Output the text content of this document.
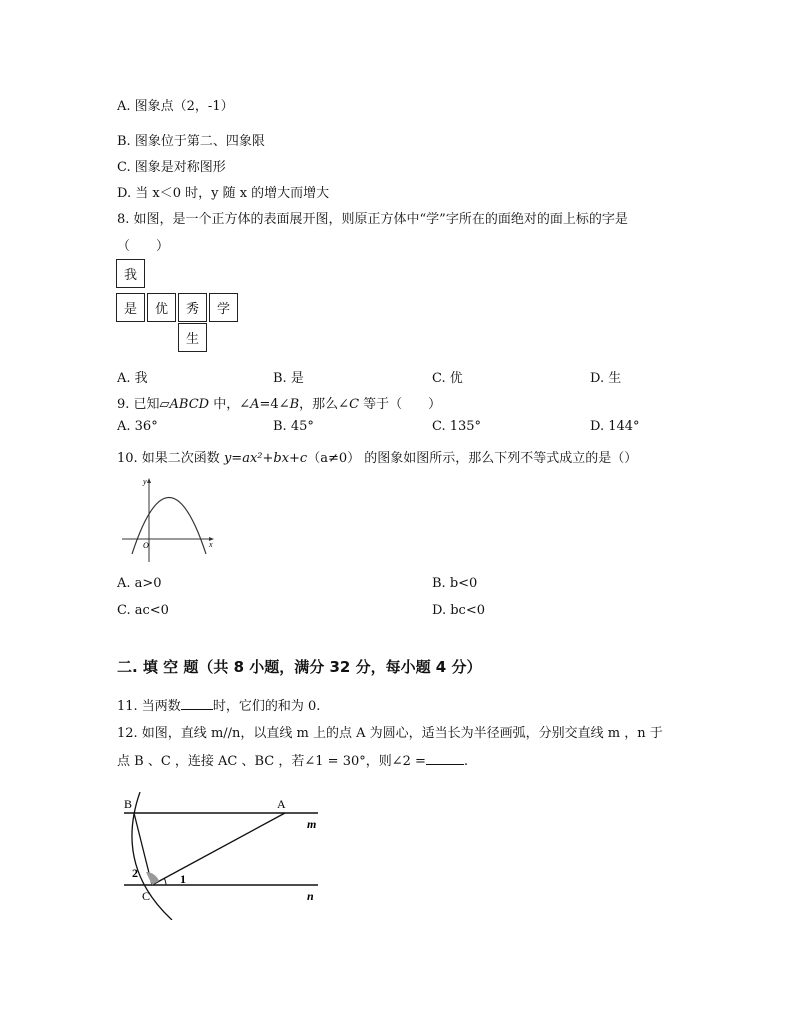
A. 图象点（2，-1）
B. 图象位于第二、四象限
C. 图象是对称图形
D. 当 x＜0 时，y 随 x 的增大而增大
8. 如图，是一个正方体的表面展开图，则原正方体中“学”字所在的面绝对的面上标的字是
（　　）
我
是	优	秀	学
生
A. 我	B. 是	C. 优	D. 生
9. 已知▱ABCD 中，∠A=4∠B，那么∠C 等于（　　）
A. 36°	B. 45°	C. 135°	D. 144°
10. 如果二次函数 y=ax²+bx+c（a≠0） 的图象如图所示，那么下列不等式成立的是（）
y
x
O
A. a>0	B. b<0
C. ac<0	D. bc<0
二. 填 空 题（共 8 小题，满分 32 分，每小题 4 分）
11. 当两数 时，它们的和为 0.
12. 如图，直线 m//n，以直线 m 上的点 A 为圆心，适当长为半径画弧，分别交直线 m ，n 于
点 B 、C ，连接 AC 、BC ，若∠1 = 30°，则∠2 =	.
B	A
C
m
n
1
2
